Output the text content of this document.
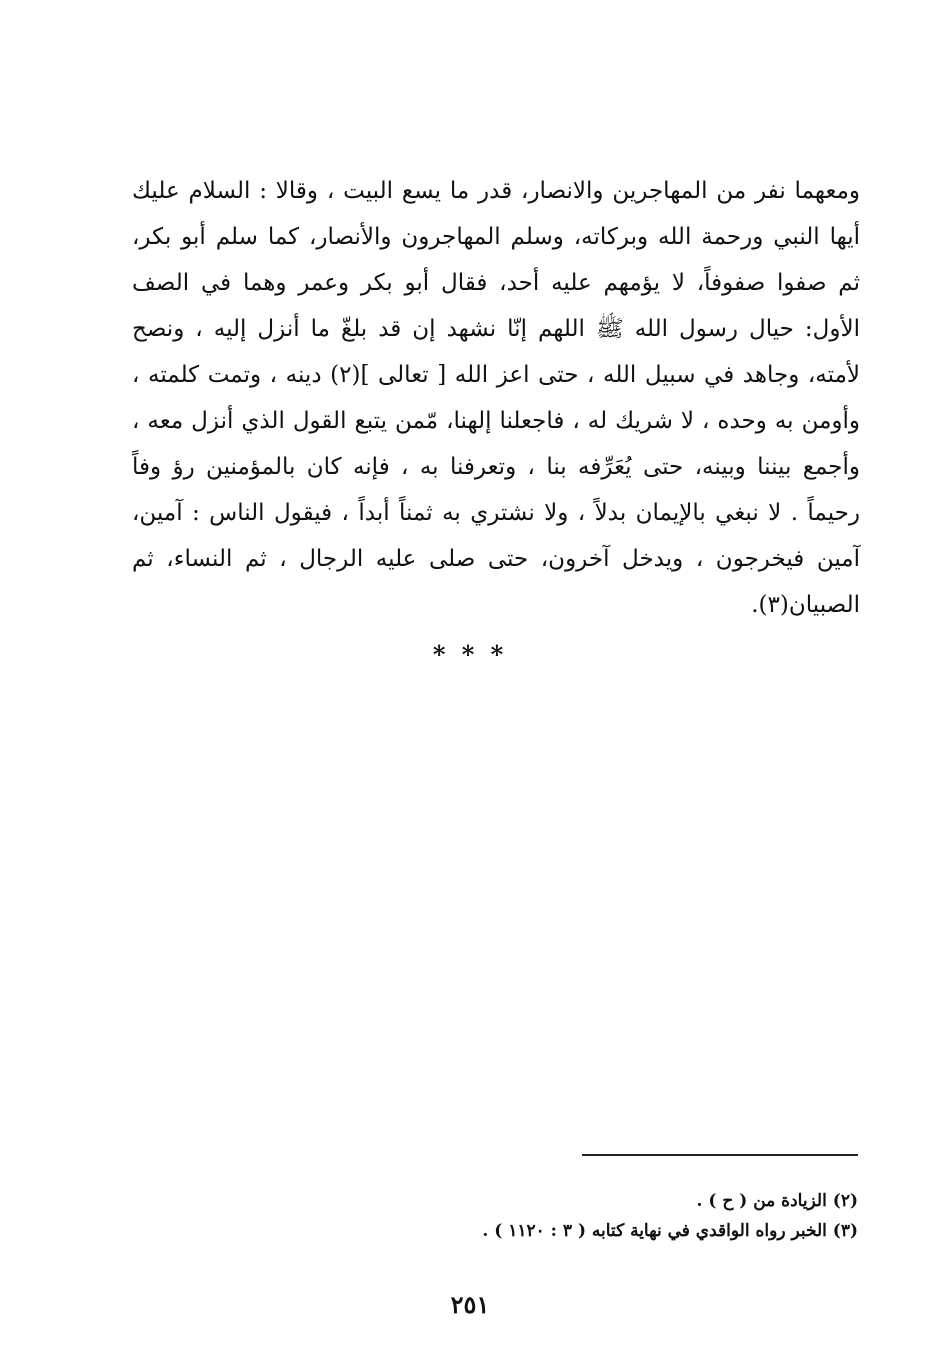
ومعهما نفر من المهاجرين والانصار، قدر ما يسع البيت ، وقالا : السلام عليك
أيها النبي ورحمة الله وبركاته، وسلم المهاجرون والأنصار، كما سلم أبو بكر،
ثم صفوا صفوفاً، لا يؤمهم عليه أحد، فقال أبو بكر وعمر وهما في الصف
الأول: حيال رسول الله ﷺ اللهم إنّا نشهد إن قد بلغّ ما أنزل إليه ، ونصح
لأمته، وجاهد في سبيل الله ، حتى اعز الله [ تعالى ](٢) دينه ، وتمت كلمته ،
وأومن به وحده ، لا شريك له ، فاجعلنا إلهنا، مّمن يتبع القول الذي أنزل معه ،
وأجمع بيننا وبينه، حتى يُعَرِّفه بنا ، وتعرفنا به ، فإنه كان بالمؤمنين رؤ وفاً
رحيماً . لا نبغي بالإيمان بدلاً ، ولا نشتري به ثمناً أبداً ، فيقول الناس : آمين،
آمين فيخرجون ، ويدخل آخرون، حتى صلى عليه الرجال ، ثم النساء، ثم
الصبيان(٣).
* * *
(٢) الزيادة من ( ح ) .
(٣) الخبر رواه الواقدي في نهاية كتابه ( ٣ : ١١٢٠ ) .
٢٥١
